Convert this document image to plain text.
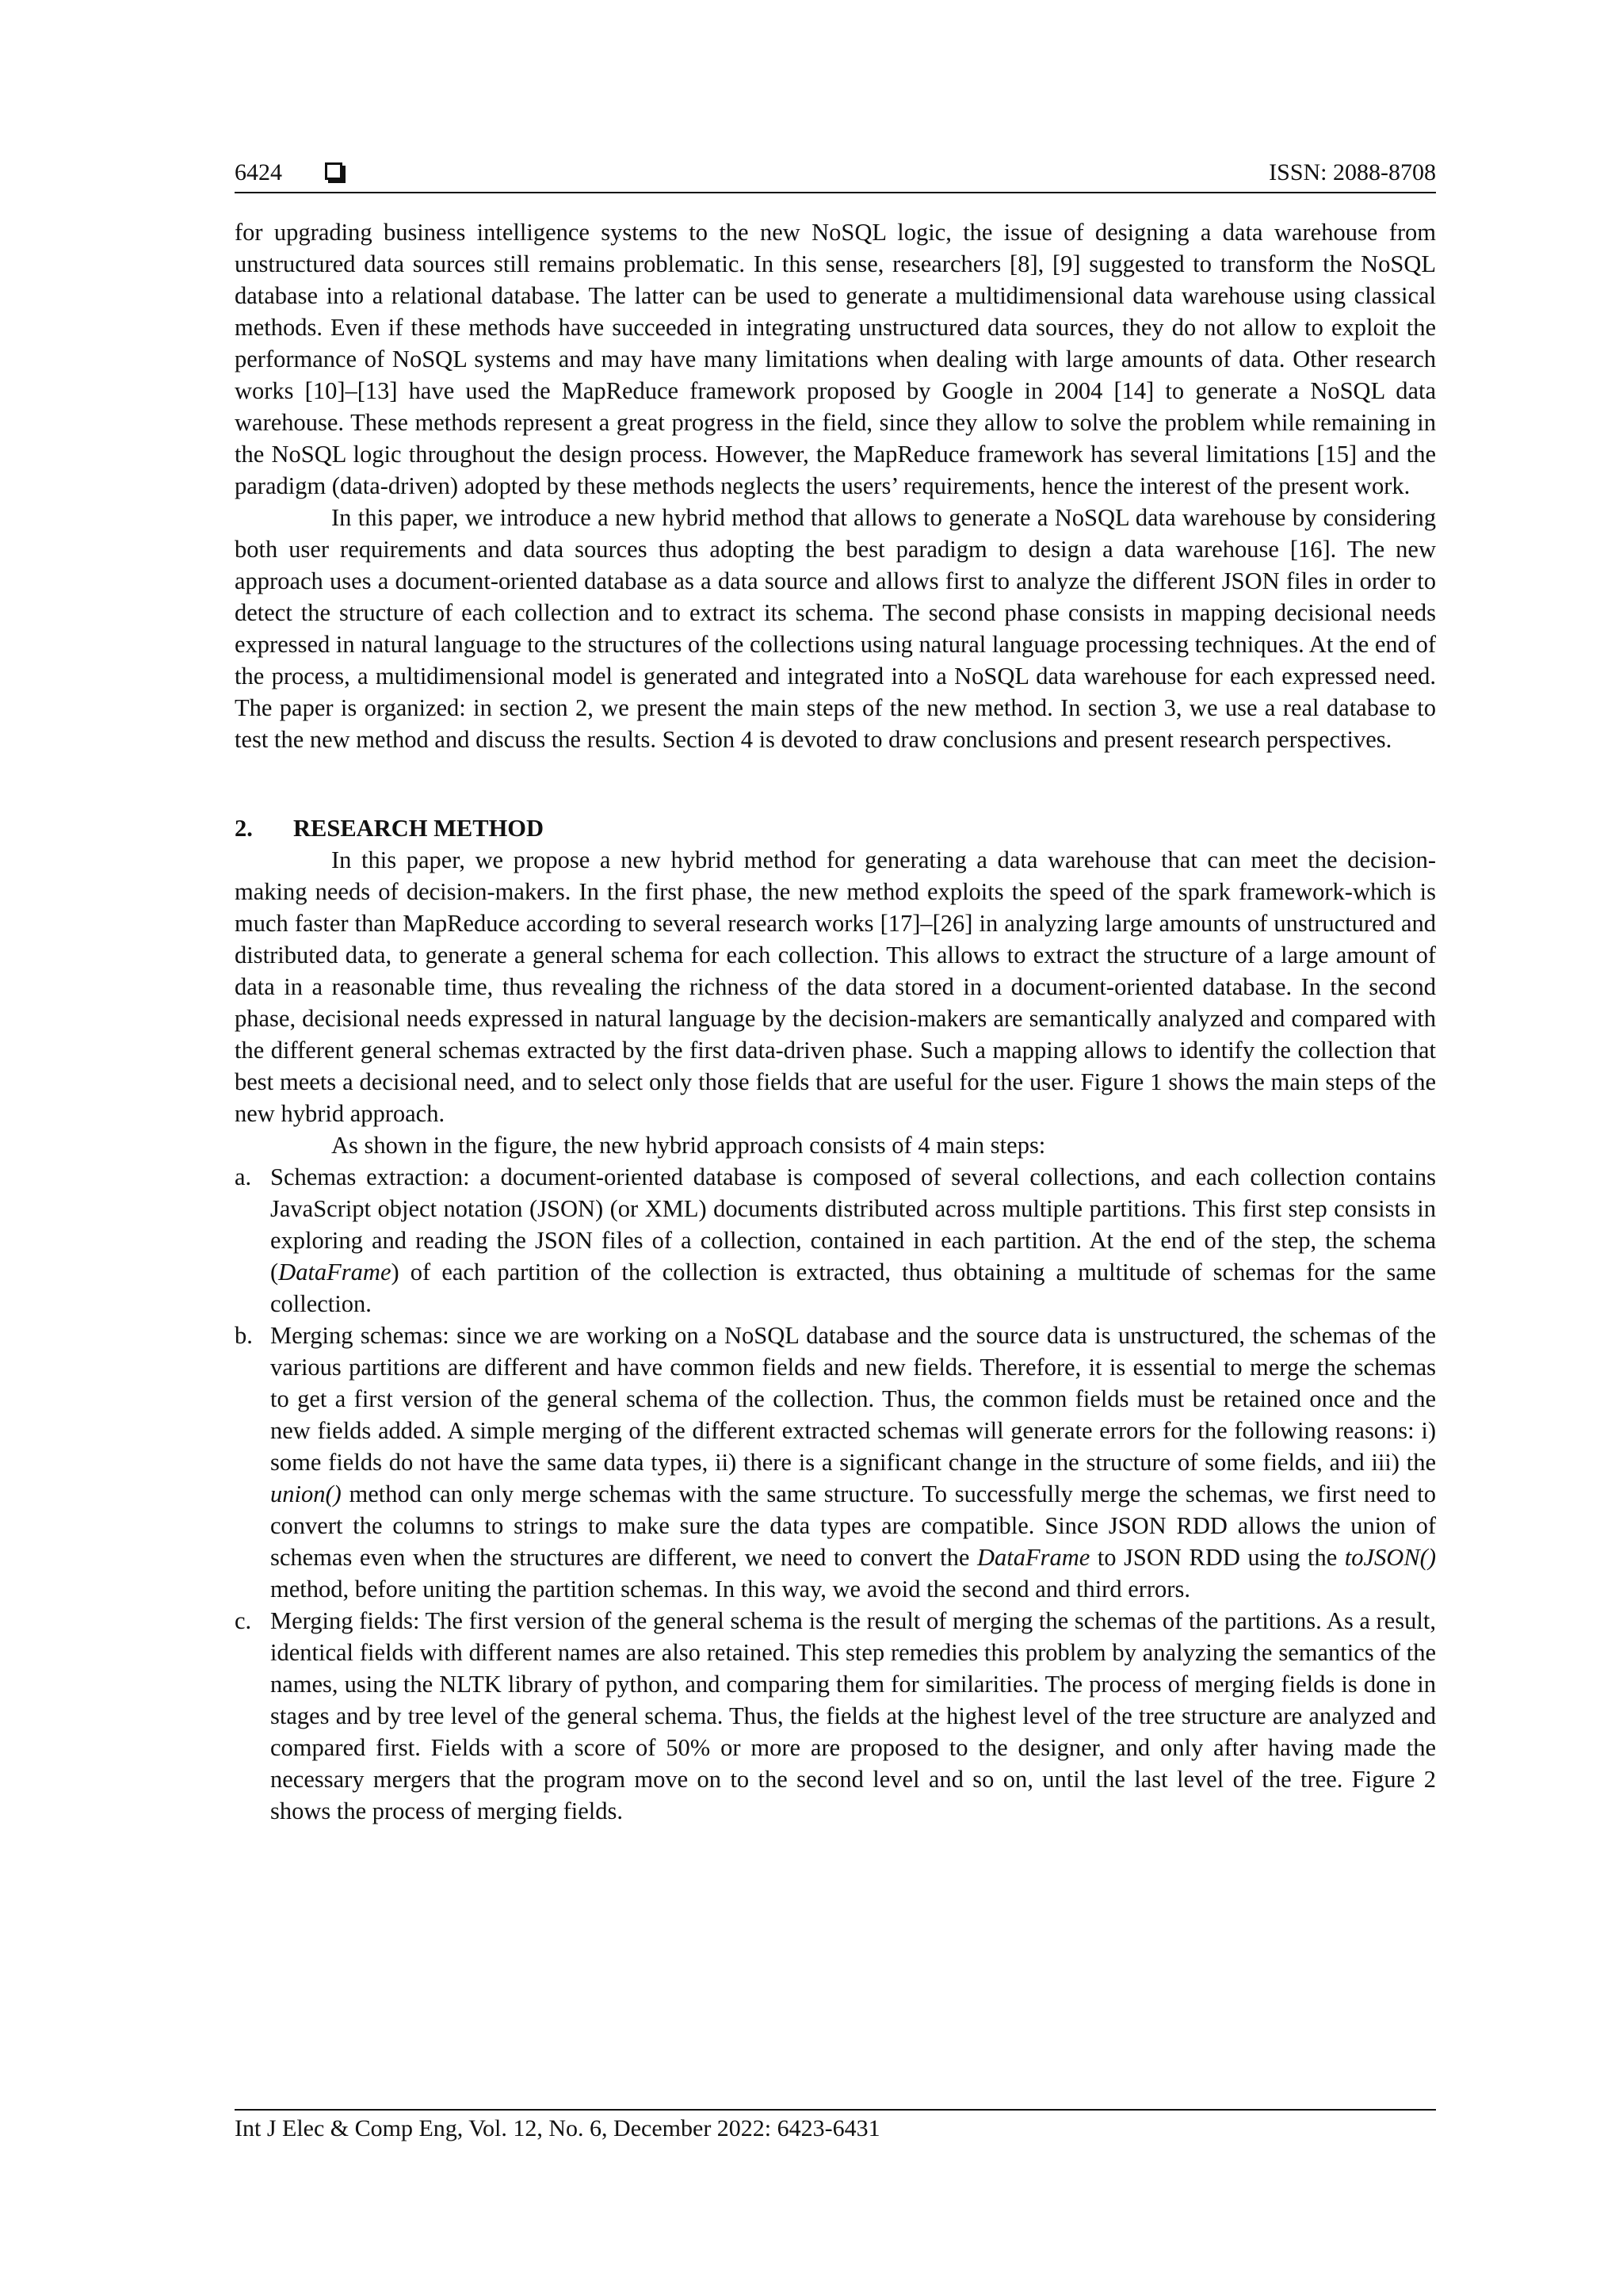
6424	ISSN: 2088-8708

for upgrading business intelligence systems to the new NoSQL logic, the issue of designing a data warehouse from unstructured data sources still remains problematic. In this sense, researchers [8], [9] suggested to transform the NoSQL database into a relational database. The latter can be used to generate a multidimensional data warehouse using classical methods. Even if these methods have succeeded in integrating unstructured data sources, they do not allow to exploit the performance of NoSQL systems and may have many limitations when dealing with large amounts of data. Other research works [10]–[13] have used the MapReduce framework proposed by Google in 2004 [14] to generate a NoSQL data warehouse. These methods represent a great progress in the field, since they allow to solve the problem while remaining in the NoSQL logic throughout the design process. However, the MapReduce framework has several limitations [15] and the paradigm (data-driven) adopted by these methods neglects the users’ requirements, hence the interest of the present work.

In this paper, we introduce a new hybrid method that allows to generate a NoSQL data warehouse by considering both user requirements and data sources thus adopting the best paradigm to design a data warehouse [16]. The new approach uses a document-oriented database as a data source and allows first to analyze the different JSON files in order to detect the structure of each collection and to extract its schema. The second phase consists in mapping decisional needs expressed in natural language to the structures of the collections using natural language processing techniques. At the end of the process, a multidimensional model is generated and integrated into a NoSQL data warehouse for each expressed need. The paper is organized: in section 2, we present the main steps of the new method. In section 3, we use a real database to test the new method and discuss the results. Section 4 is devoted to draw conclusions and present research perspectives.

2. RESEARCH METHOD

In this paper, we propose a new hybrid method for generating a data warehouse that can meet the decision-making needs of decision-makers. In the first phase, the new method exploits the speed of the spark framework-which is much faster than MapReduce according to several research works [17]–[26] in analyzing large amounts of unstructured and distributed data, to generate a general schema for each collection. This allows to extract the structure of a large amount of data in a reasonable time, thus revealing the richness of the data stored in a document-oriented database. In the second phase, decisional needs expressed in natural language by the decision-makers are semantically analyzed and compared with the different general schemas extracted by the first data-driven phase. Such a mapping allows to identify the collection that best meets a decisional need, and to select only those fields that are useful for the user. Figure 1 shows the main steps of the new hybrid approach.

As shown in the figure, the new hybrid approach consists of 4 main steps:

a. Schemas extraction: a document-oriented database is composed of several collections, and each collection contains JavaScript object notation (JSON) (or XML) documents distributed across multiple partitions. This first step consists in exploring and reading the JSON files of a collection, contained in each partition. At the end of the step, the schema (DataFrame) of each partition of the collection is extracted, thus obtaining a multitude of schemas for the same collection.
b. Merging schemas: since we are working on a NoSQL database and the source data is unstructured, the schemas of the various partitions are different and have common fields and new fields. Therefore, it is essential to merge the schemas to get a first version of the general schema of the collection. Thus, the common fields must be retained once and the new fields added. A simple merging of the different extracted schemas will generate errors for the following reasons: i) some fields do not have the same data types, ii) there is a significant change in the structure of some fields, and iii) the union() method can only merge schemas with the same structure. To successfully merge the schemas, we first need to convert the columns to strings to make sure the data types are compatible. Since JSON RDD allows the union of schemas even when the structures are different, we need to convert the DataFrame to JSON RDD using the toJSON() method, before uniting the partition schemas. In this way, we avoid the second and third errors.
c. Merging fields: The first version of the general schema is the result of merging the schemas of the partitions. As a result, identical fields with different names are also retained. This step remedies this problem by analyzing the semantics of the names, using the NLTK library of python, and comparing them for similarities. The process of merging fields is done in stages and by tree level of the general schema. Thus, the fields at the highest level of the tree structure are analyzed and compared first. Fields with a score of 50% or more are proposed to the designer, and only after having made the necessary mergers that the program move on to the second level and so on, until the last level of the tree. Figure 2 shows the process of merging fields.
Int J Elec & Comp Eng, Vol. 12, No. 6, December 2022: 6423-6431
